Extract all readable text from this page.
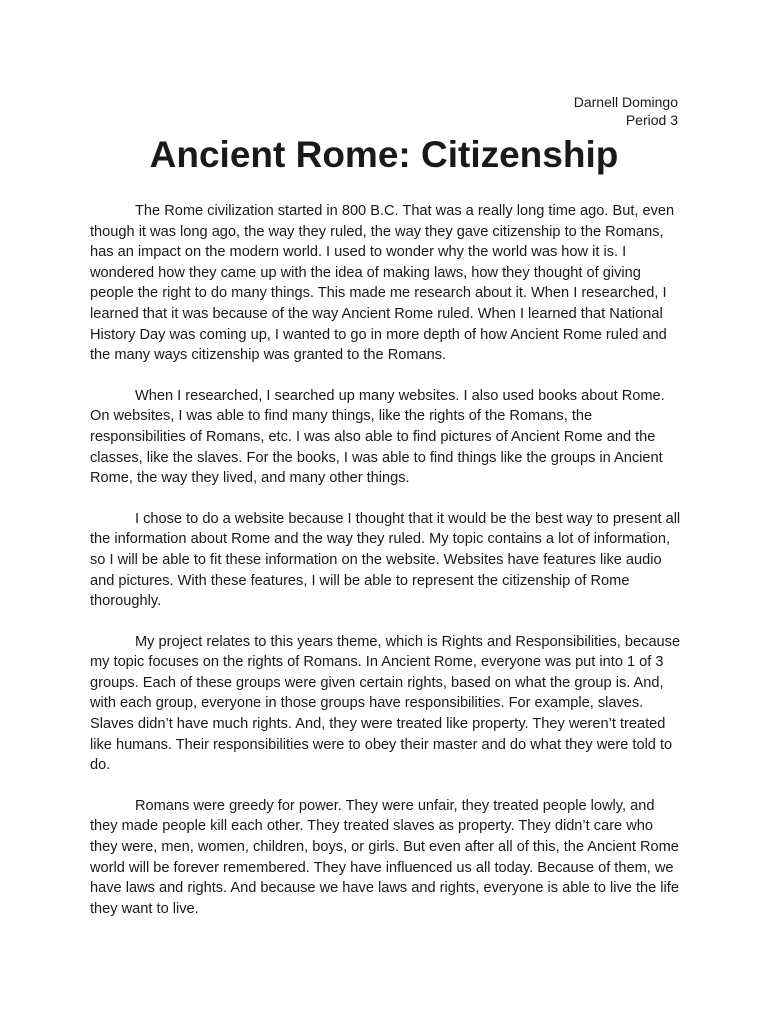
Darnell Domingo
Period 3
Ancient Rome: Citizenship

The Rome civilization started in 800 B.C. That was a really long time ago. But, even though it was long ago, the way they ruled, the way they gave citizenship to the Romans, has an impact on the modern world. I used to wonder why the world was how it is. I wondered how they came up with the idea of making laws, how they thought of giving people the right to do many things. This made me research about it. When I researched, I learned that it was because of the way Ancient Rome ruled. When I learned that National History Day was coming up, I wanted to go in more depth of how Ancient Rome ruled and the many ways citizenship was granted to the Romans.

When I researched, I searched up many websites. I also used books about Rome. On websites, I was able to find many things, like the rights of the Romans, the responsibilities of Romans, etc. I was also able to find pictures of Ancient Rome and the classes, like the slaves. For the books, I was able to find things like the groups in Ancient Rome, the way they lived, and many other things.

I chose to do a website because I thought that it would be the best way to present all the information about Rome and the way they ruled. My topic contains a lot of information, so I will be able to fit these information on the website. Websites have features like audio and pictures. With these features, I will be able to represent the citizenship of Rome thoroughly.

My project relates to this years theme, which is Rights and Responsibilities, because my topic focuses on the rights of Romans. In Ancient Rome, everyone was put into 1 of 3 groups. Each of these groups were given certain rights, based on what the group is. And, with each group, everyone in those groups have responsibilities. For example, slaves. Slaves didn’t have much rights. And, they were treated like property. They weren’t treated like humans. Their responsibilities were to obey their master and do what they were told to do.

Romans were greedy for power. They were unfair, they treated people lowly, and they made people kill each other. They treated slaves as property. They didn’t care who they were, men, women, children, boys, or girls. But even after all of this, the Ancient Rome world will be forever remembered. They have influenced us all today. Because of them, we have laws and rights. And because we have laws and rights, everyone is able to live the life they want to live.
